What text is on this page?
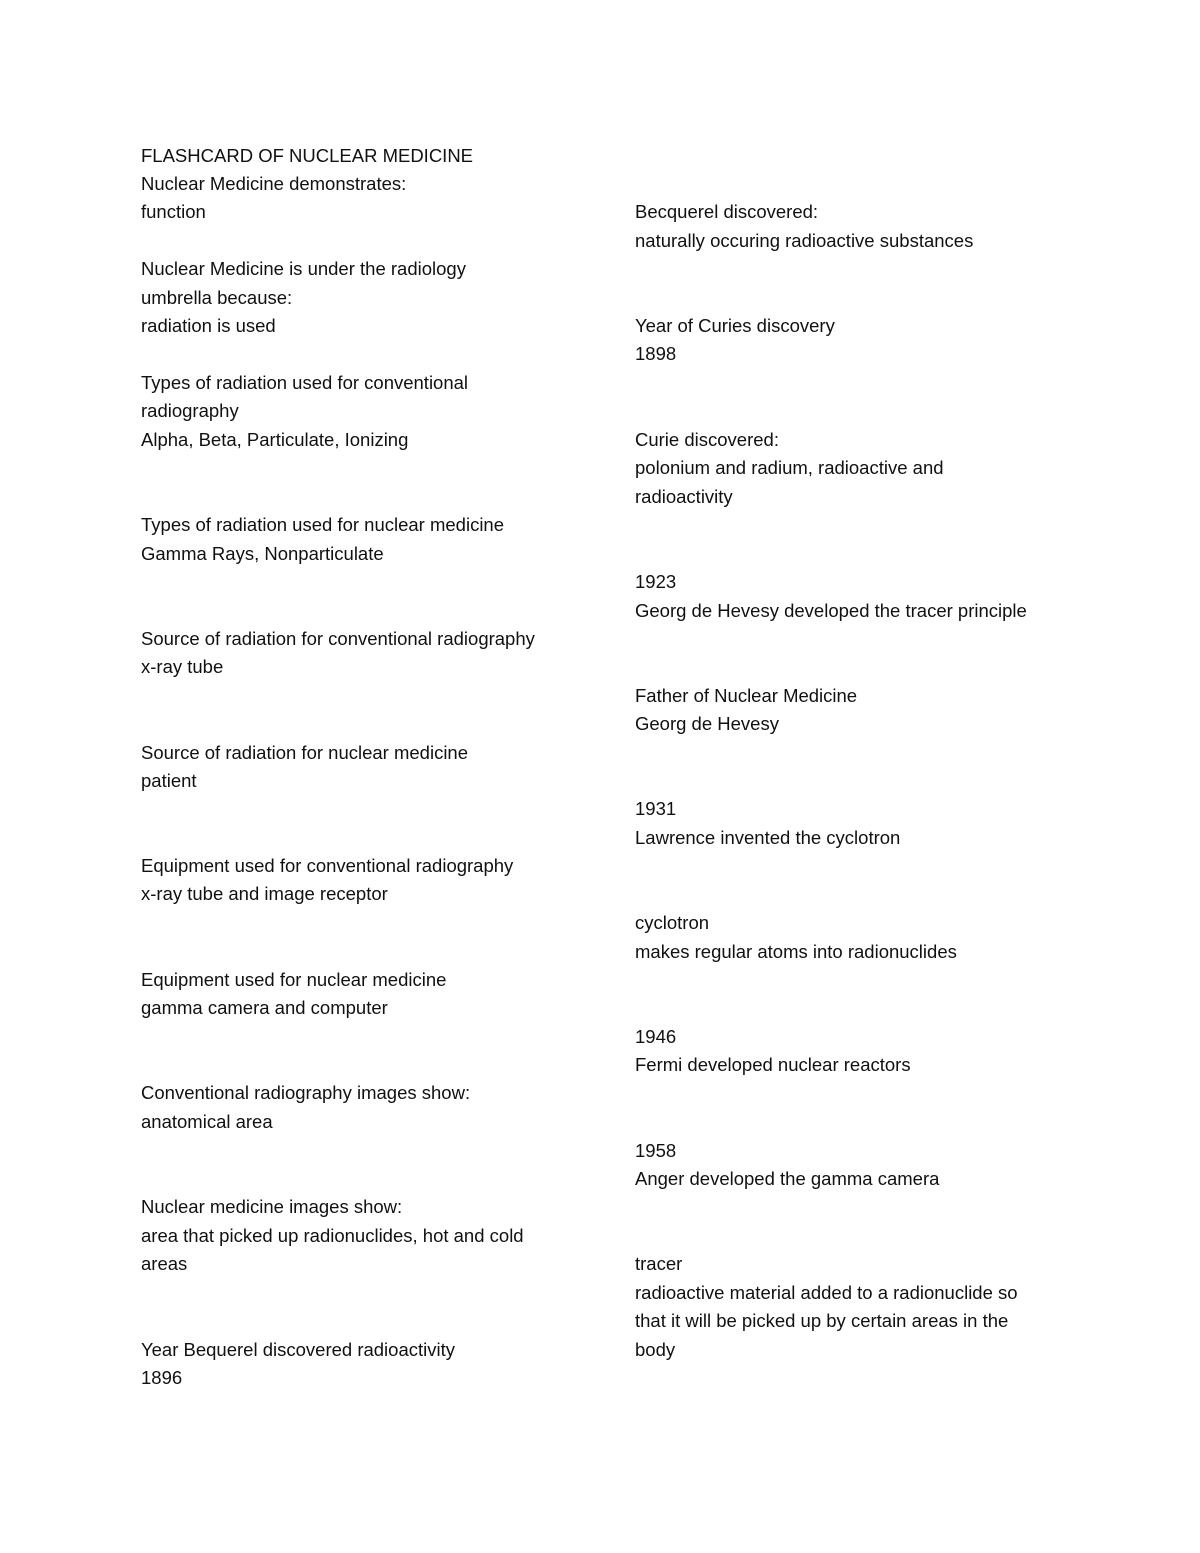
FLASHCARD OF NUCLEAR MEDICINE
Nuclear Medicine demonstrates:
function
Nuclear Medicine is under the radiology
umbrella because:
radiation is used
Types of radiation used for conventional
radiography
Alpha, Beta, Particulate, Ionizing
Types of radiation used for nuclear medicine
Gamma Rays, Nonparticulate
Source of radiation for conventional radiography
x-ray tube
Source of radiation for nuclear medicine
patient
Equipment used for conventional radiography
x-ray tube and image receptor
Equipment used for nuclear medicine
gamma camera and computer
Conventional radiography images show:
anatomical area
Nuclear medicine images show:
area that picked up radionuclides, hot and cold
areas
Year Bequerel discovered radioactivity
1896
Becquerel discovered:
naturally occuring radioactive substances
Year of Curies discovery
1898
Curie discovered:
polonium and radium, radioactive and
radioactivity
1923
Georg de Hevesy developed the tracer principle
Father of Nuclear Medicine
Georg de Hevesy
1931
Lawrence invented the cyclotron
cyclotron
makes regular atoms into radionuclides
1946
Fermi developed nuclear reactors
1958
Anger developed the gamma camera
tracer
radioactive material added to a radionuclide so
that it will be picked up by certain areas in the
body
